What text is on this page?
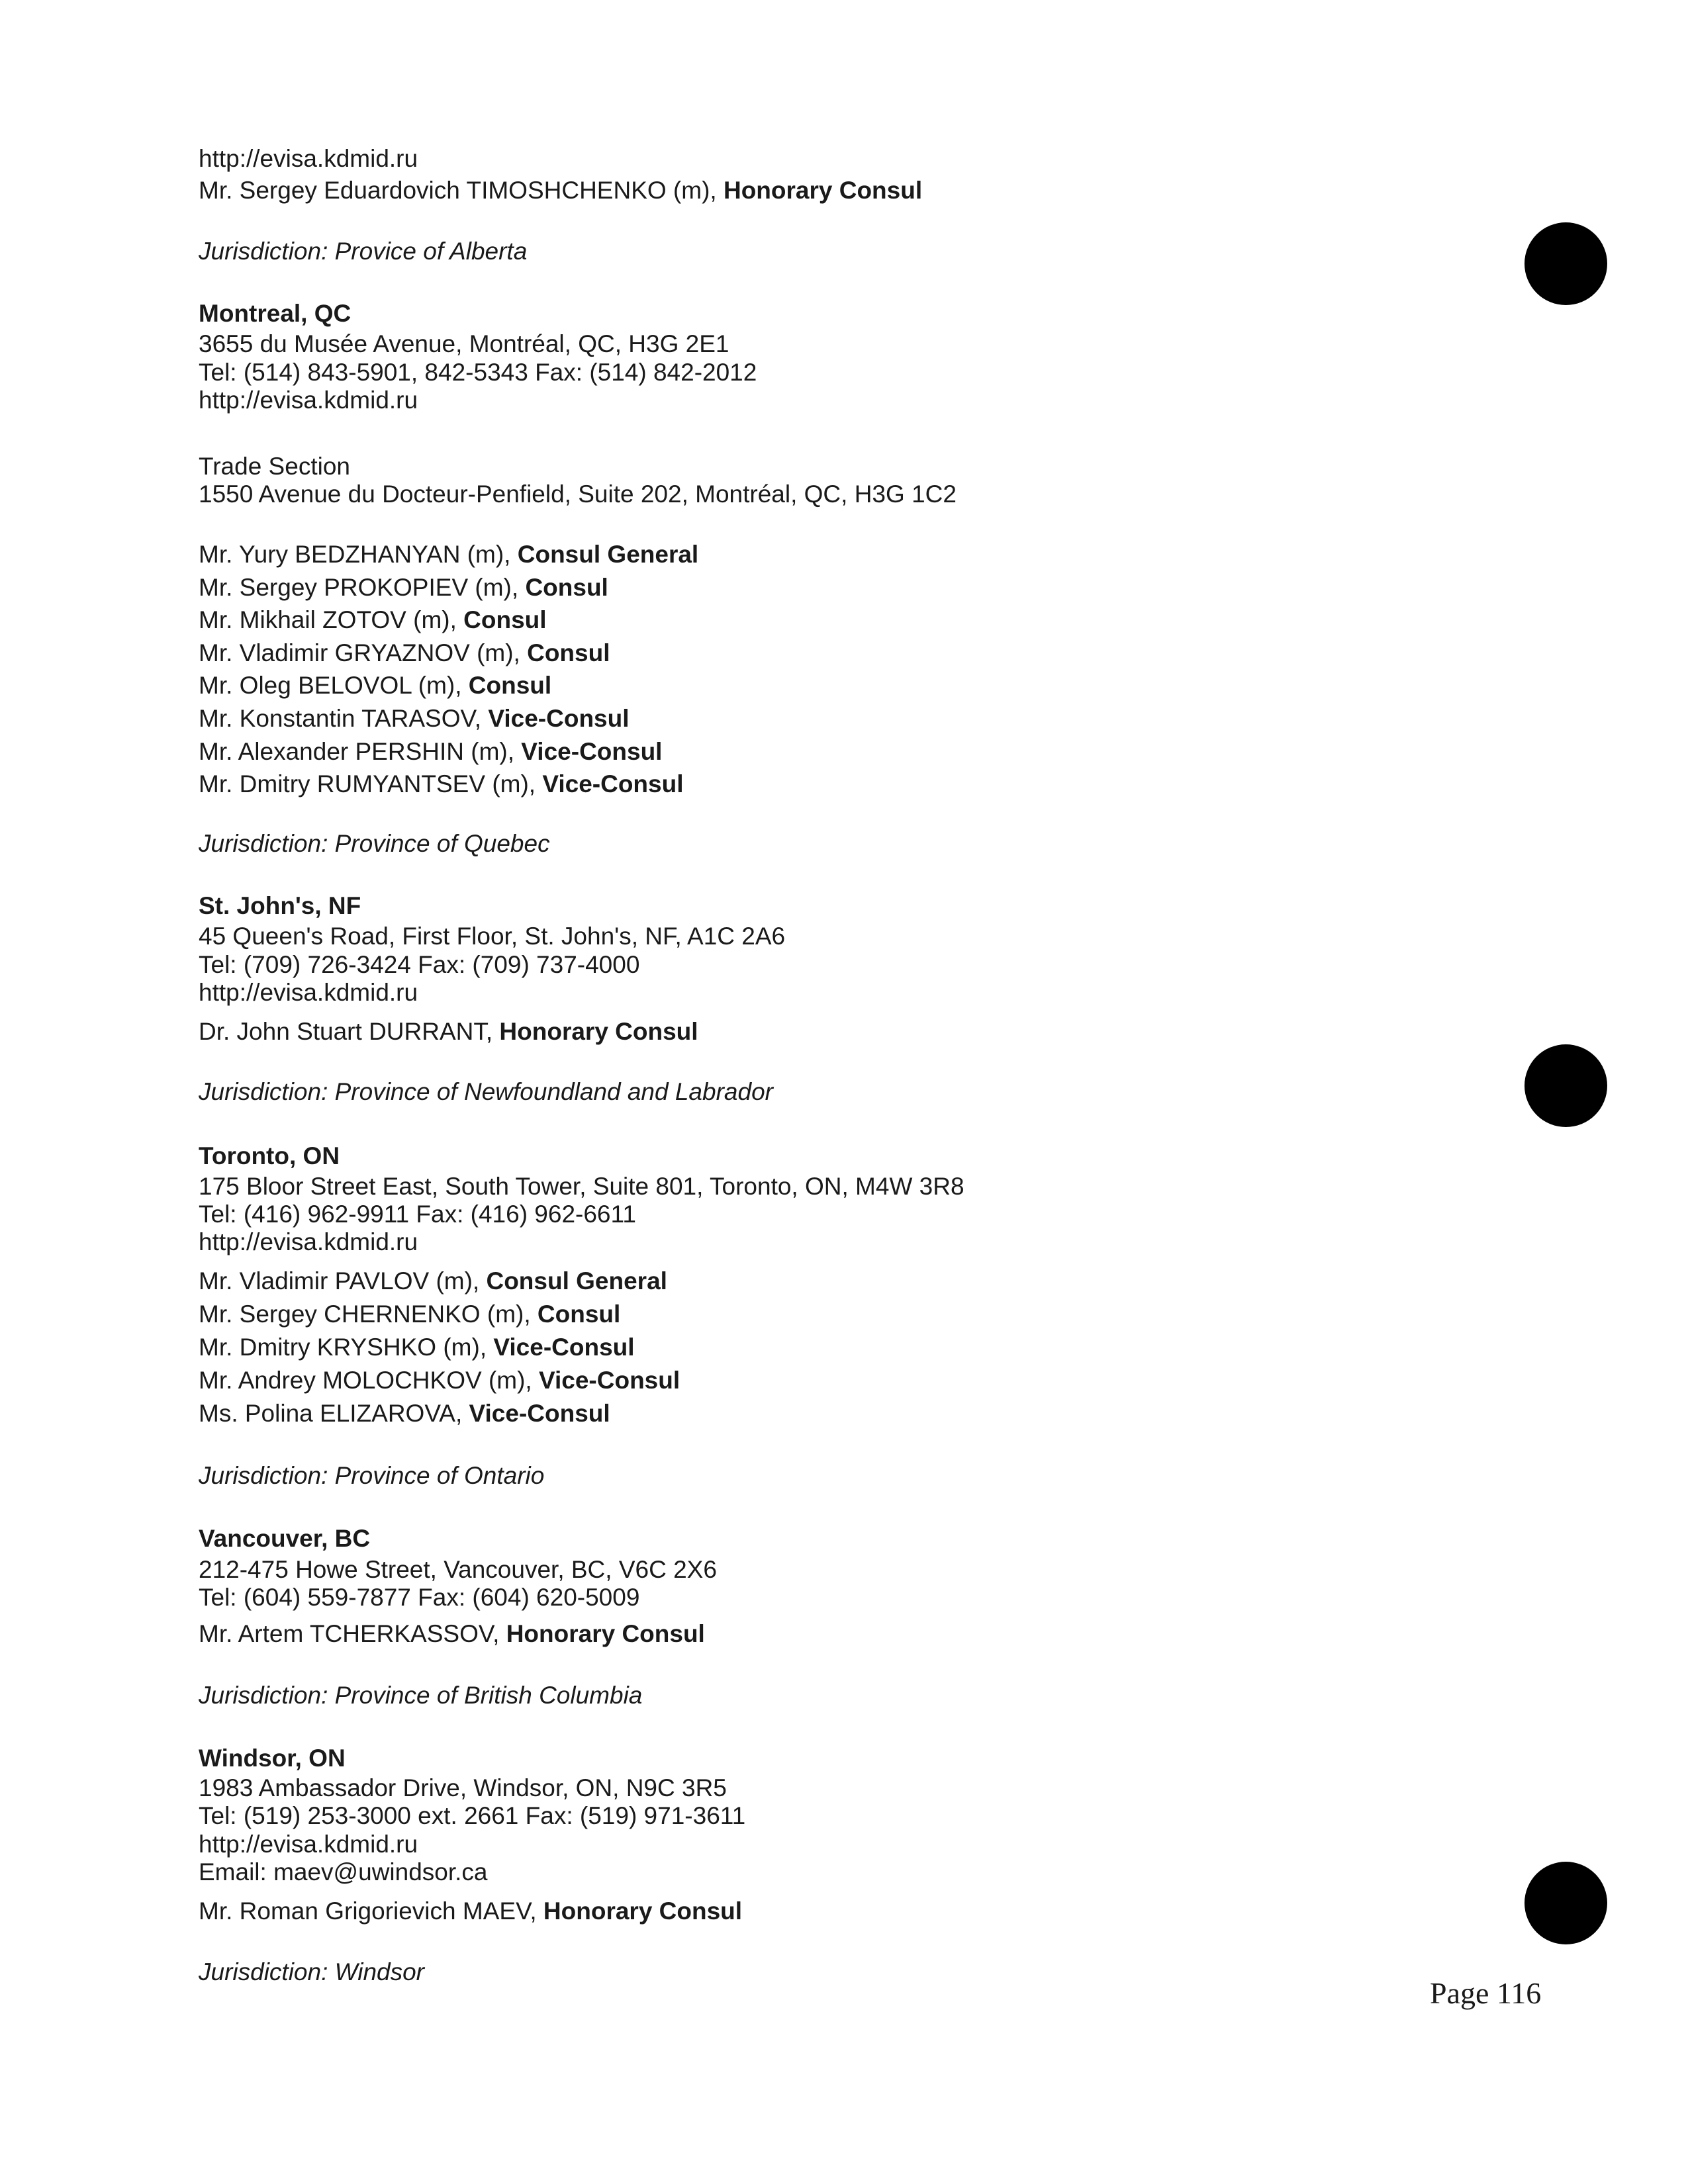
http://evisa.kdmid.ru
Mr. Sergey Eduardovich TIMOSHCHENKO (m), Honorary Consul
Jurisdiction: Provice of Alberta
Montreal, QC
3655 du Musée Avenue, Montréal, QC, H3G 2E1
Tel: (514) 843-5901, 842-5343 Fax: (514) 842-2012
http://evisa.kdmid.ru
Trade Section
1550 Avenue du Docteur-Penfield, Suite 202, Montréal, QC, H3G 1C2
Mr. Yury BEDZHANYAN (m), Consul General
Mr. Sergey PROKOPIEV (m), Consul
Mr. Mikhail ZOTOV (m), Consul
Mr. Vladimir GRYAZNOV (m), Consul
Mr. Oleg BELOVOL (m), Consul
Mr. Konstantin TARASOV, Vice-Consul
Mr. Alexander PERSHIN (m), Vice-Consul
Mr. Dmitry RUMYANTSEV (m), Vice-Consul
Jurisdiction: Province of Quebec
St. John's, NF
45 Queen's Road, First Floor, St. John's, NF, A1C 2A6
Tel: (709) 726-3424 Fax: (709) 737-4000
http://evisa.kdmid.ru
Dr. John Stuart DURRANT, Honorary Consul
Jurisdiction: Province of Newfoundland and Labrador
Toronto, ON
175 Bloor Street East, South Tower, Suite 801, Toronto, ON, M4W 3R8
Tel: (416) 962-9911 Fax: (416) 962-6611
http://evisa.kdmid.ru
Mr. Vladimir PAVLOV (m), Consul General
Mr. Sergey CHERNENKO (m), Consul
Mr. Dmitry KRYSHKO (m), Vice-Consul
Mr. Andrey MOLOCHKOV (m), Vice-Consul
Ms. Polina ELIZAROVA, Vice-Consul
Jurisdiction: Province of Ontario
Vancouver, BC
212-475 Howe Street, Vancouver, BC, V6C 2X6
Tel: (604) 559-7877 Fax: (604) 620-5009
Mr. Artem TCHERKASSOV, Honorary Consul
Jurisdiction: Province of British Columbia
Windsor, ON
1983 Ambassador Drive, Windsor, ON, N9C 3R5
Tel: (519) 253-3000 ext. 2661 Fax: (519) 971-3611
http://evisa.kdmid.ru
Email: maev@uwindsor.ca
Mr. Roman Grigorievich MAEV, Honorary Consul
Jurisdiction: Windsor
Page 116
